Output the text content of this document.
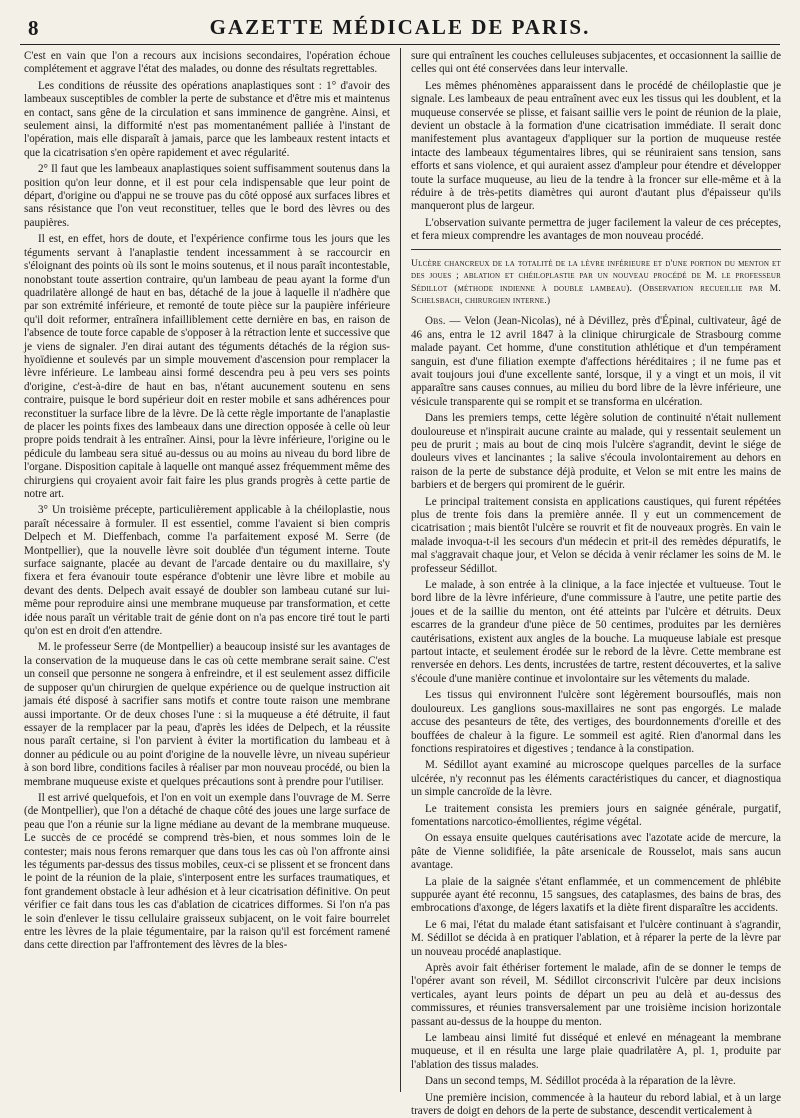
8	GAZETTE MÉDICALE DE PARIS.

C'est en vain que l'on a recours aux incisions secondaires, l'opération échoue complétement et aggrave l'état des malades, ou donne des résultats regrettables.

Les conditions de réussite des opérations anaplastiques sont : 1° d'avoir des lambeaux susceptibles de combler la perte de substance et d'être mis et maintenus en contact, sans gêne de la circulation et sans imminence de gangrène. Ainsi, et seulement ainsi, la difformité n'est pas momentanément palliée à l'instant de l'opération, mais elle disparaît à jamais, parce que les lambeaux restent intacts et que la cicatrisation s'en opère rapidement et avec régularité.

2° Il faut que les lambeaux anaplastiques soient suffisamment soutenus dans la position qu'on leur donne, et il est pour cela indispensable que leur point de départ, d'origine ou d'appui ne se trouve pas du côté opposé aux surfaces libres et sans résistance que l'on veut reconstituer, telles que le bord des lèvres ou des paupières.

Il est, en effet, hors de doute, et l'expérience confirme tous les jours que les téguments servant à l'anaplastie tendent incessamment à se raccourcir en s'éloignant des points où ils sont le moins soutenus, et il nous paraît incontestable, nonobstant toute assertion contraire, qu'un lambeau de peau ayant la forme d'un quadrilatère allongé de haut en bas, détaché de la joue à laquelle il n'adhère que par son extrémité inférieure, et remonté de toute pièce sur la paupière inférieure qu'il doit reformer, entraînera infailliblement cette dernière en bas, en raison de l'absence de toute force capable de s'opposer à la rétraction lente et successive que je viens de signaler. J'en dirai autant des téguments détachés de la région sus-hyoïdienne et soulevés par un simple mouvement d'ascension pour remplacer la lèvre inférieure. Le lambeau ainsi formé descendra peu à peu vers ses points d'origine, c'est-à-dire de haut en bas, n'étant aucunement soutenu en sens contraire, puisque le bord supérieur doit en rester mobile et sans adhérences pour reconstituer la surface libre de la lèvre. De là cette règle importante de l'anaplastie de placer les points fixes des lambeaux dans une direction opposée à celle où leur propre poids tendrait à les entraîner. Ainsi, pour la lèvre inférieure, l'origine ou le pédicule du lambeau sera situé au-dessus ou au moins au niveau du bord libre de l'organe. Disposition capitale à laquelle ont manqué assez fréquemment même des chirurgiens qui croyaient avoir fait faire les plus grands progrès à cette partie de notre art.

3° Un troisième précepte, particulièrement applicable à la chéiloplastie, nous paraît nécessaire à formuler. Il est essentiel, comme l'avaient si bien compris Delpech et M. Dieffenbach, comme l'a parfaitement exposé M. Serre (de Montpellier), que la nouvelle lèvre soit doublée d'un tégument interne. Toute surface saignante, placée au devant de l'arcade dentaire ou du maxillaire, s'y fixera et fera évanouir toute espérance d'obtenir une lèvre libre et mobile au devant des dents. Delpech avait essayé de doubler son lambeau cutané sur lui-même pour reproduire ainsi une membrane muqueuse par transformation, et cette idée nous paraît un véritable trait de génie dont on n'a pas encore tiré tout le parti qu'on est en droit d'en attendre.

M. le professeur Serre (de Montpellier) a beaucoup insisté sur les avantages de la conservation de la muqueuse dans le cas où cette membrane serait saine. C'est un conseil que personne ne songera à enfreindre, et il est seulement assez difficile de supposer qu'un chirurgien de quelque expérience ou de quelque instruction ait jamais été disposé à sacrifier sans motifs et contre toute raison une membrane aussi importante. Or de deux choses l'une : si la muqueuse a été détruite, il faut essayer de la remplacer par la peau, d'après les idées de Delpech, et la réussite nous paraît certaine, si l'on parvient à éviter la mortification du lambeau et à donner au pédicule ou au point d'origine de la nouvelle lèvre, un niveau supérieur à son bord libre, conditions faciles à réaliser par mon nouveau procédé, ou bien la membrane muqueuse existe et quelques précautions sont à prendre pour l'utiliser.

Il est arrivé quelquefois, et l'on en voit un exemple dans l'ouvrage de M. Serre (de Montpellier), que l'on a détaché de chaque côté des joues une large surface de peau que l'on a réunie sur la ligne médiane au devant de la membrane muqueuse. Le succès de ce procédé se comprend très-bien, et nous sommes loin de le contester; mais nous ferons remarquer que dans tous les cas où l'on affronte ainsi les téguments par-dessus des tissus mobiles, ceux-ci se plissent et se froncent dans le point de la réunion de la plaie, s'interposent entre les surfaces traumatiques, et font grandement obstacle à leur adhésion et à leur cicatrisation définitive. On peut vérifier ce fait dans tous les cas d'ablation de cicatrices difformes. Si l'on n'a pas le soin d'enlever le tissu cellulaire graisseux subjacent, on le voit faire bourrelet entre les lèvres de la plaie tégumentaire, par la raison qu'il est forcément ramené dans cette direction par l'affrontement des lèvres de la bles-

sure qui entraînent les couches celluleuses subjacentes, et occasionnent la saillie de celles qui ont été conservées dans leur intervalle.

Les mêmes phénomènes apparaissent dans le procédé de chéiloplastie que je signale. Les lambeaux de peau entraînent avec eux les tissus qui les doublent, et la muqueuse conservée se plisse, et faisant saillie vers le point de réunion de la plaie, devient un obstacle à la formation d'une cicatrisation immédiate. Il serait donc manifestement plus avantageux d'appliquer sur la portion de muqueuse restée intacte des lambeaux tégumentaires libres, qui se réuniraient sans tension, sans efforts et sans violence, et qui auraient assez d'ampleur pour étendre et développer toute la surface muqueuse, au lieu de la tendre à la froncer sur elle-même et à la réduire à de très-petits diamètres qui auront d'autant plus d'épaisseur qu'ils manqueront plus de largeur.

L'observation suivante permettra de juger facilement la valeur de ces préceptes, et fera mieux comprendre les avantages de mon nouveau procédé.

Ulcère chancreux de la totalité de la lèvre inférieure et d'une portion du menton et des joues ; ablation et chéiloplastie par un nouveau procédé de M. le professeur Sédillot (méthode indienne à double lambeau). (Observation recueillie par M. Schelsbach, chirurgien interne.)

Obs. — Velon (Jean-Nicolas), né à Dévillez, près d'Épinal, cultivateur, âgé de 46 ans, entra le 12 avril 1847 à la clinique chirurgicale de Strasbourg comme malade payant. Cet homme, d'une constitution athlétique et d'un tempérament sanguin, est d'une filiation exempte d'affections héréditaires ; il ne fume pas et avait toujours joui d'une excellente santé, lorsque, il y a vingt et un mois, il vit apparaître sans causes connues, au milieu du bord libre de la lèvre inférieure, une vésicule transparente qui se rompit et se transforma en ulcération.

Dans les premiers temps, cette légère solution de continuité n'était nullement douloureuse et n'inspirait aucune crainte au malade, qui y ressentait seulement un peu de prurit ; mais au bout de cinq mois l'ulcère s'agrandit, devint le siége de douleurs vives et lancinantes ; la salive s'écoula involontairement au dehors en raison de la perte de substance déjà produite, et Velon se mit entre les mains de barbiers et de bergers qui promirent de le guérir.

Le principal traitement consista en applications caustiques, qui furent répétées plus de trente fois dans la première année. Il y eut un commencement de cicatrisation ; mais bientôt l'ulcère se rouvrit et fit de nouveaux progrès. En vain le malade invoqua-t-il les secours d'un médecin et prit-il des remèdes dépuratifs, le mal s'aggravait chaque jour, et Velon se décida à venir réclamer les soins de M. le professeur Sédillot.

Le malade, à son entrée à la clinique, a la face injectée et vultueuse. Tout le bord libre de la lèvre inférieure, d'une commissure à l'autre, une petite partie des joues et de la saillie du menton, ont été atteints par l'ulcère et détruits. Deux escarres de la grandeur d'une pièce de 50 centimes, produites par les dernières cautérisations, existent aux angles de la bouche. La muqueuse labiale est presque partout intacte, et seulement érodée sur le rebord de la lèvre. Cette membrane est renversée en dehors. Les dents, incrustées de tartre, restent découvertes, et la salive s'écoule d'une manière continue et involontaire sur les vêtements du malade.

Les tissus qui environnent l'ulcère sont légèrement boursouflés, mais non douloureux. Les ganglions sous-maxillaires ne sont pas engorgés. Le malade accuse des pesanteurs de tête, des vertiges, des bourdonnements d'oreille et des bouffées de chaleur à la figure. Le sommeil est agité. Rien d'anormal dans les fonctions respiratoires et digestives ; tendance à la constipation.

M. Sédillot ayant examiné au microscope quelques parcelles de la surface ulcérée, n'y reconnut pas les éléments caractéristiques du cancer, et diagnostiqua un simple cancroïde de la lèvre.

Le traitement consista les premiers jours en saignée générale, purgatif, fomentations narcotico-émollientes, régime végétal.

On essaya ensuite quelques cautérisations avec l'azotate acide de mercure, la pâte de Vienne solidifiée, la pâte arsenicale de Rousselot, mais sans aucun avantage.

La plaie de la saignée s'étant enflammée, et un commencement de phlébite suppurée ayant été reconnu, 15 sangsues, des cataplasmes, des bains de bras, des embrocations d'axonge, de légers laxatifs et la diète firent disparaître les accidents.

Le 6 mai, l'état du malade étant satisfaisant et l'ulcère continuant à s'agrandir, M. Sédillot se décida à en pratiquer l'ablation, et à réparer la perte de la lèvre par un nouveau procédé anaplastique.

Après avoir fait éthériser fortement le malade, afin de se donner le temps de l'opérer avant son réveil, M. Sédillot circonscrivit l'ulcère par deux incisions verticales, ayant leurs points de départ un peu au delà et au-dessus des commissures, et réunies transversalement par une troisième incision horizontale passant au-dessus de la houppe du menton.

Le lambeau ainsi limité fut disséqué et enlevé en ménageant la membrane muqueuse, et il en résulta une large plaie quadrilatère A, pl. 1, produite par l'ablation des tissus malades.

Dans un second temps, M. Sédillot procéda à la réparation de la lèvre.

Une première incision, commencée à la hauteur du rebord labial, et à un large travers de doigt en dehors de la perte de substance, descendit verticalement à
